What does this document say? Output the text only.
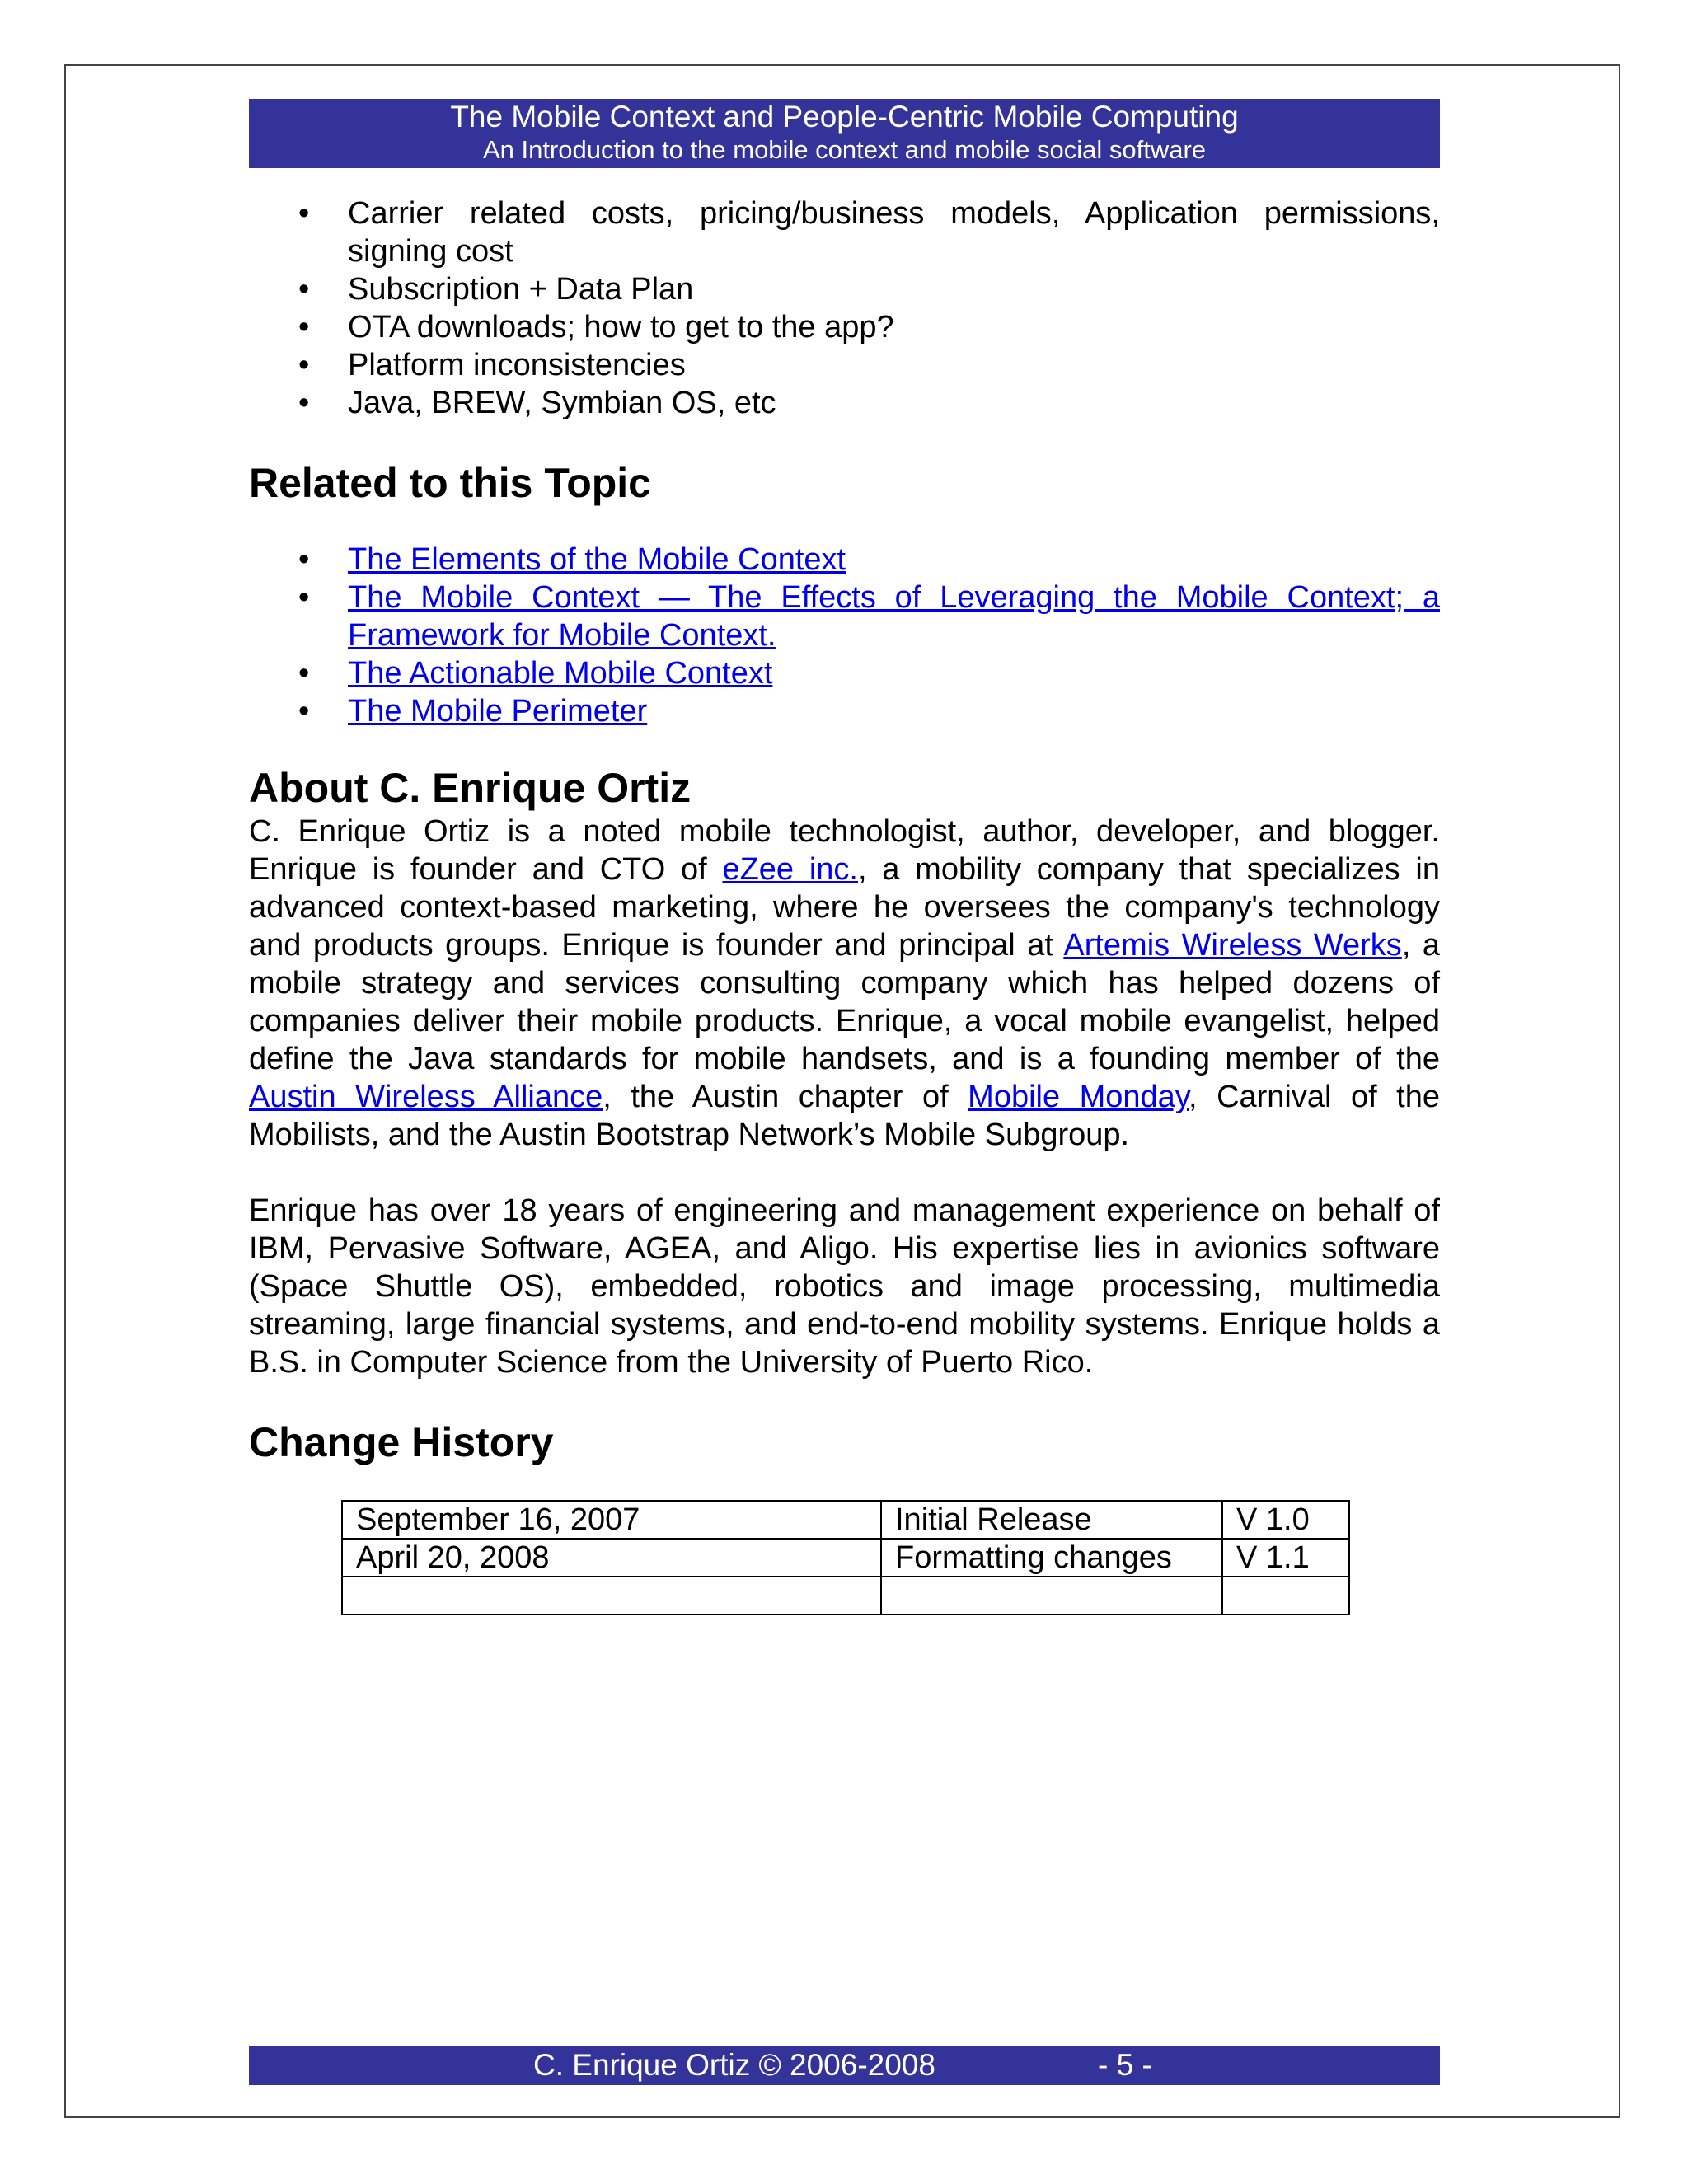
The Mobile Context and People-Centric Mobile Computing
An Introduction to the mobile context and mobile social software
• Carrier related costs, pricing/business models, Application permissions, signing cost
• Subscription + Data Plan
• OTA downloads; how to get to the app?
• Platform inconsistencies
• Java, BREW, Symbian OS, etc
Related to this Topic
• The Elements of the Mobile Context
• The Mobile Context — The Effects of Leveraging the Mobile Context; a Framework for Mobile Context.
• The Actionable Mobile Context
• The Mobile Perimeter
About C. Enrique Ortiz

C. Enrique Ortiz is a noted mobile technologist, author, developer, and blogger. Enrique is founder and CTO of eZee inc., a mobility company that specializes in advanced context-based marketing, where he oversees the company's technology and products groups. Enrique is founder and principal at Artemis Wireless Werks, a mobile strategy and services consulting company which has helped dozens of companies deliver their mobile products. Enrique, a vocal mobile evangelist, helped define the Java standards for mobile handsets, and is a founding member of the Austin Wireless Alliance, the Austin chapter of Mobile Monday, Carnival of the Mobilists, and the Austin Bootstrap Network’s Mobile Subgroup.

Enrique has over 18 years of engineering and management experience on behalf of IBM, Pervasive Software, AGEA, and Aligo. His expertise lies in avionics software (Space Shuttle OS), embedded, robotics and image processing, multimedia streaming, large financial systems, and end-to-end mobility systems. Enrique holds a B.S. in Computer Science from the University of Puerto Rico.

Change History
September 16, 2007	Initial Release	V 1.0
April 20, 2008	Formatting changes	V 1.1

C. Enrique Ortiz © 2006-2008	- 5 -
